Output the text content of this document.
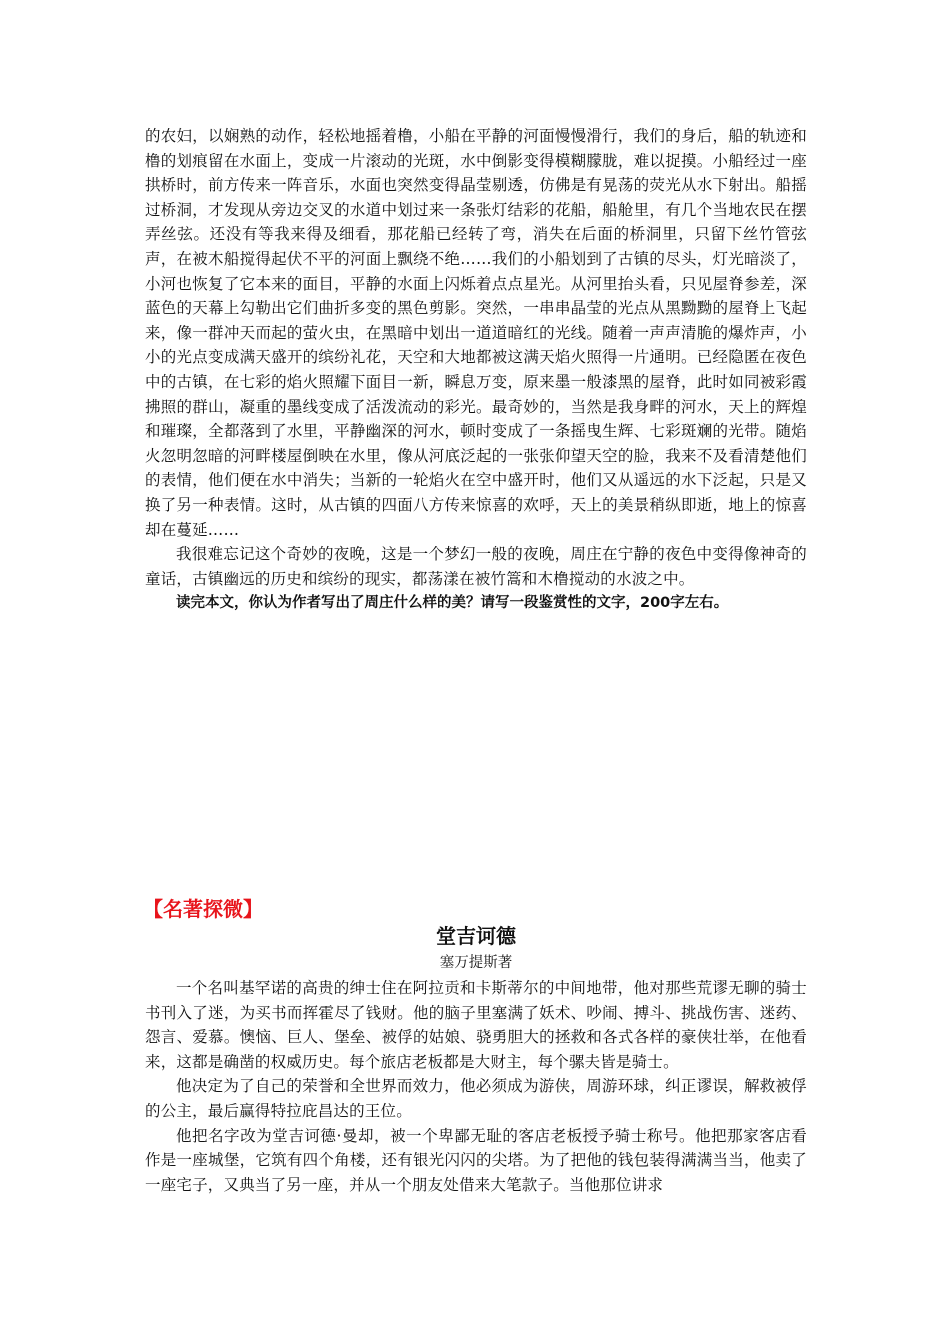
的农妇，以娴熟的动作，轻松地摇着橹，小船在平静的河面慢慢滑行，我们的身后，船的轨迹和橹的划痕留在水面上，变成一片滚动的光斑，水中倒影变得模糊朦胧，难以捉摸。小船经过一座拱桥时，前方传来一阵音乐，水面也突然变得晶莹剔透，仿佛是有晃荡的荧光从水下射出。船摇过桥洞，才发现从旁边交叉的水道中划过来一条张灯结彩的花船，船舱里，有几个当地农民在摆弄丝弦。还没有等我来得及细看，那花船已经转了弯，消失在后面的桥洞里，只留下丝竹管弦声，在被木船搅得起伏不平的河面上飘绕不绝……我们的小船划到了古镇的尽头，灯光暗淡了，小河也恢复了它本来的面目，平静的水面上闪烁着点点星光。从河里抬头看，只见屋脊参差，深蓝色的天幕上勾勒出它们曲折多变的黑色剪影。突然，一串串晶莹的光点从黑黝黝的屋脊上飞起来，像一群冲天而起的萤火虫，在黑暗中划出一道道暗红的光线。随着一声声清脆的爆炸声，小小的光点变成满天盛开的缤纷礼花，天空和大地都被这满天焰火照得一片通明。已经隐匿在夜色中的古镇，在七彩的焰火照耀下面目一新，瞬息万变，原来墨一般漆黑的屋脊，此时如同被彩霞拂照的群山，凝重的墨线变成了活泼流动的彩光。最奇妙的，当然是我身畔的河水，天上的辉煌和璀璨，全都落到了水里，平静幽深的河水，顿时变成了一条摇曳生辉、七彩斑斓的光带。随焰火忽明忽暗的河畔楼屋倒映在水里，像从河底泛起的一张张仰望天空的脸，我来不及看清楚他们的表情，他们便在水中消失；当新的一轮焰火在空中盛开时，他们又从遥远的水下泛起，只是又换了另一种表情。这时，从古镇的四面八方传来惊喜的欢呼，天上的美景稍纵即逝，地上的惊喜却在蔓延……

我很难忘记这个奇妙的夜晚，这是一个梦幻一般的夜晚，周庄在宁静的夜色中变得像神奇的童话，古镇幽远的历史和缤纷的现实，都荡漾在被竹篙和木橹搅动的水波之中。

读完本文，你认为作者写出了周庄什么样的美？请写一段鉴赏性的文字，200字左右。

【名著探微】
堂吉诃德
塞万提斯著

一个名叫基罕诺的高贵的绅士住在阿拉贡和卡斯蒂尔的中间地带，他对那些荒谬无聊的骑士书刊入了迷，为买书而挥霍尽了钱财。他的脑子里塞满了妖术、吵闹、搏斗、挑战伤害、迷药、怨言、爱慕。懊恼、巨人、堡垒、被俘的姑娘、骁勇胆大的拯救和各式各样的豪侠壮举，在他看来，这都是确凿的权威历史。每个旅店老板都是大财主，每个骡夫皆是骑士。

他决定为了自己的荣誉和全世界而效力，他必须成为游侠，周游环球，纠正谬误，解救被俘的公主，最后赢得特拉庇昌达的王位。

他把名字改为堂吉诃德·曼却，被一个卑鄙无耻的客店老板授予骑士称号。他把那家客店看作是一座城堡，它筑有四个角楼，还有银光闪闪的尖塔。为了把他的钱包装得满满当当，他卖了一座宅子，又典当了另一座，并从一个朋友处借来大笔款子。当他那位讲求
